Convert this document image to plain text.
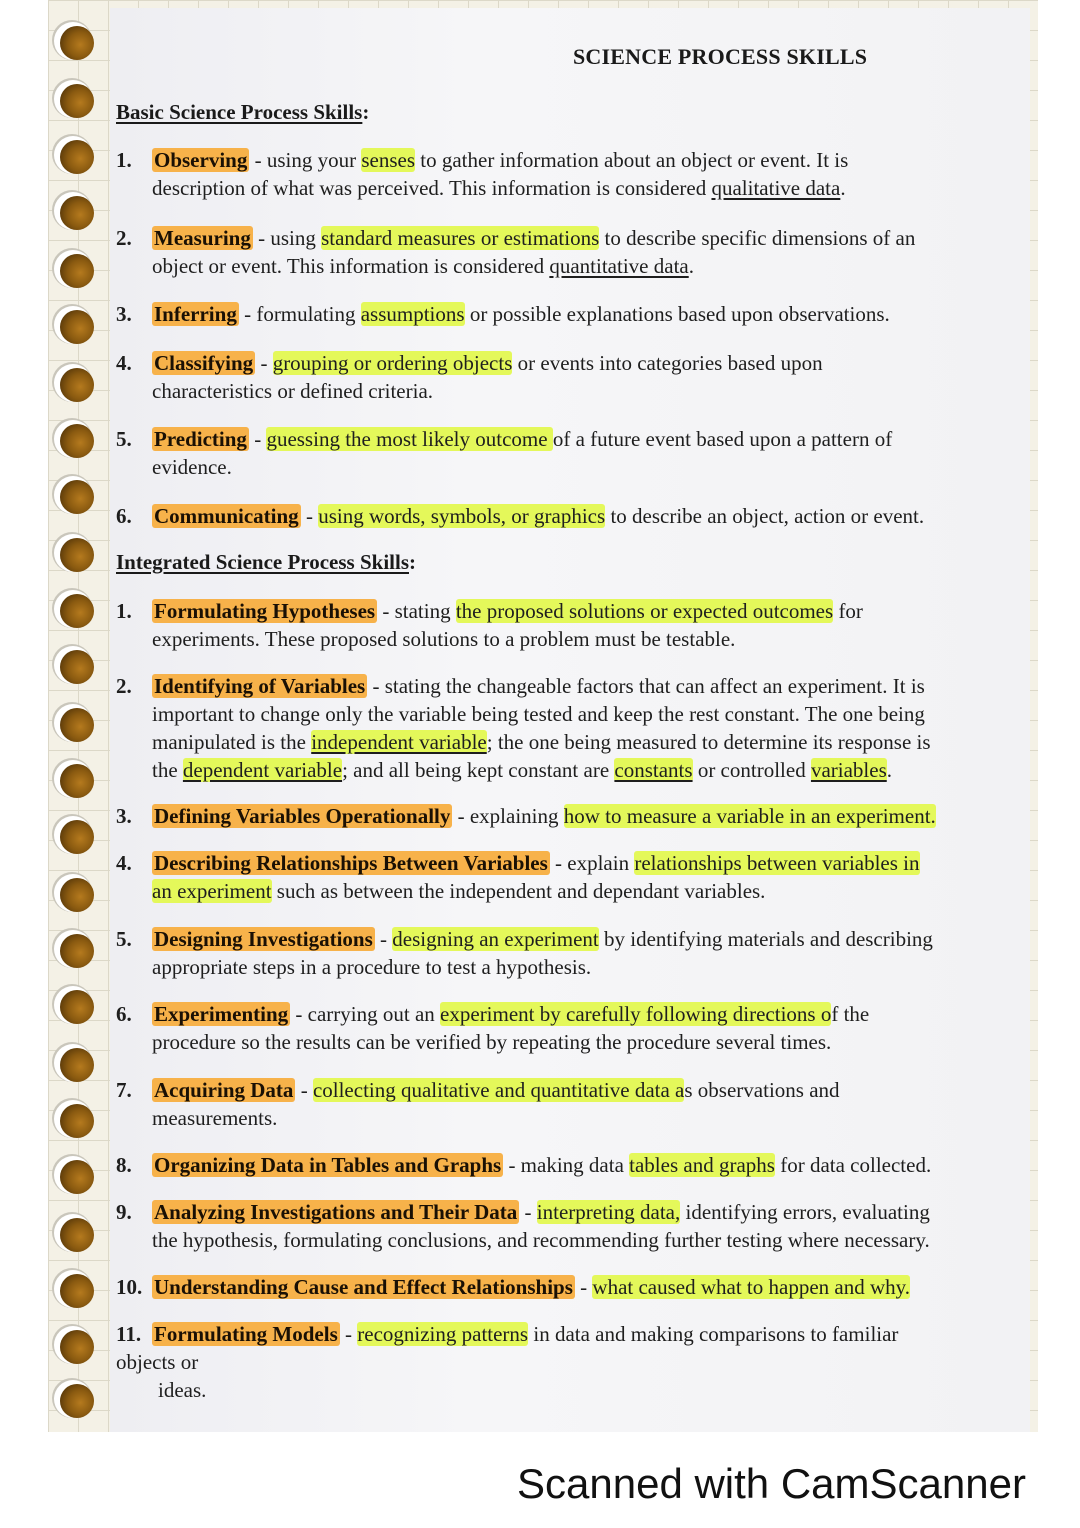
SCIENCE PROCESS SKILLS
Basic Science Process Skills:
1. Observing - using your senses to gather information about an object or event. It is
description of what was perceived. This information is considered qualitative data.
2. Measuring - using standard measures or estimations to describe specific dimensions of an
object or event. This information is considered quantitative data.
3. Inferring - formulating assumptions or possible explanations based upon observations.
4. Classifying - grouping or ordering objects or events into categories based upon
characteristics or defined criteria.
5. Predicting - guessing the most likely outcome of a future event based upon a pattern of
evidence.
6. Communicating - using words, symbols, or graphics to describe an object, action or event.
Integrated Science Process Skills:
1. Formulating Hypotheses - stating the proposed solutions or expected outcomes for
experiments. These proposed solutions to a problem must be testable.
2. Identifying of Variables - stating the changeable factors that can affect an experiment. It is
important to change only the variable being tested and keep the rest constant. The one being
manipulated is the independent variable; the one being measured to determine its response is
the dependent variable; and all being kept constant are constants or controlled variables.
3. Defining Variables Operationally - explaining how to measure a variable in an experiment.
4. Describing Relationships Between Variables - explain relationships between variables in
an experiment such as between the independent and dependant variables.
5. Designing Investigations - designing an experiment by identifying materials and describing
appropriate steps in a procedure to test a hypothesis.
6. Experimenting - carrying out an experiment by carefully following directions of the
procedure so the results can be verified by repeating the procedure several times.
7. Acquiring Data - collecting qualitative and quantitative data as observations and
measurements.
8. Organizing Data in Tables and Graphs - making data tables and graphs for data collected.
9. Analyzing Investigations and Their Data - interpreting data, identifying errors, evaluating
the hypothesis, formulating conclusions, and recommending further testing where necessary.
10. Understanding Cause and Effect Relationships - what caused what to happen and why.
11. Formulating Models - recognizing patterns in data and making comparisons to familiar
objects or
ideas.
Scanned with CamScanner
